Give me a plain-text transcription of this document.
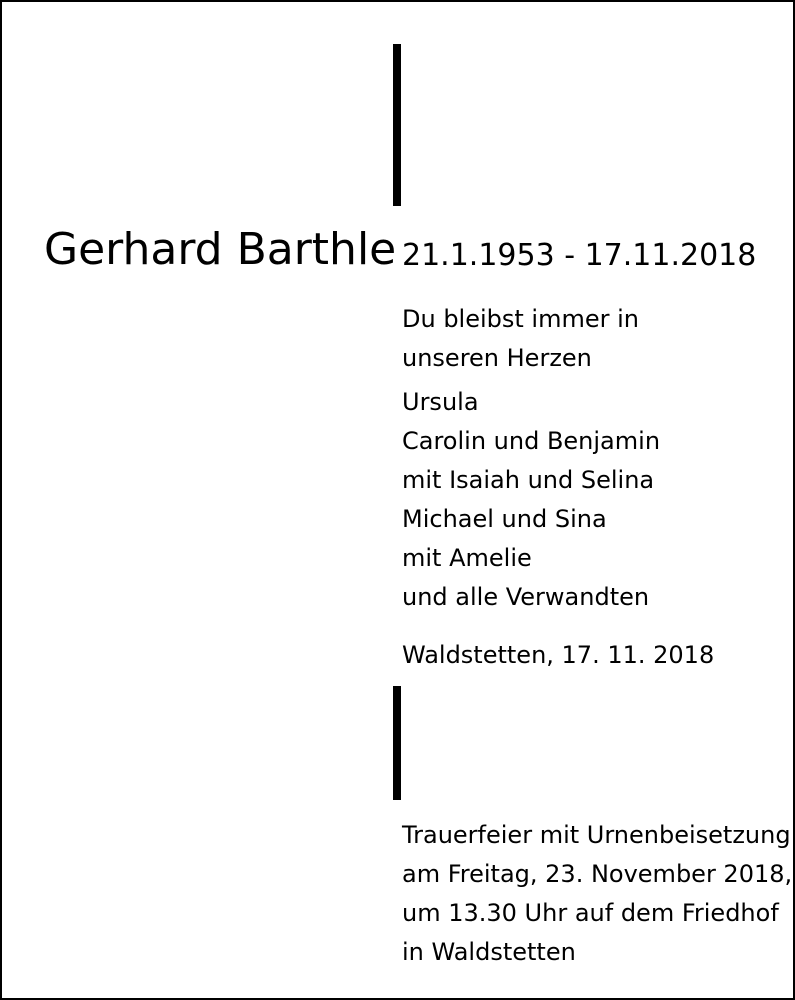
Gerhard Barthle 21.1.1953 - 17.11.2018
Du bleibst immer in
unseren Herzen
Ursula
Carolin und Benjamin
mit Isaiah und Selina
Michael und Sina
mit Amelie
und alle Verwandten
Waldstetten, 17. 11. 2018
Trauerfeier mit Urnenbeisetzung
am Freitag, 23. November 2018,
um 13.30 Uhr auf dem Friedhof
in Waldstetten
